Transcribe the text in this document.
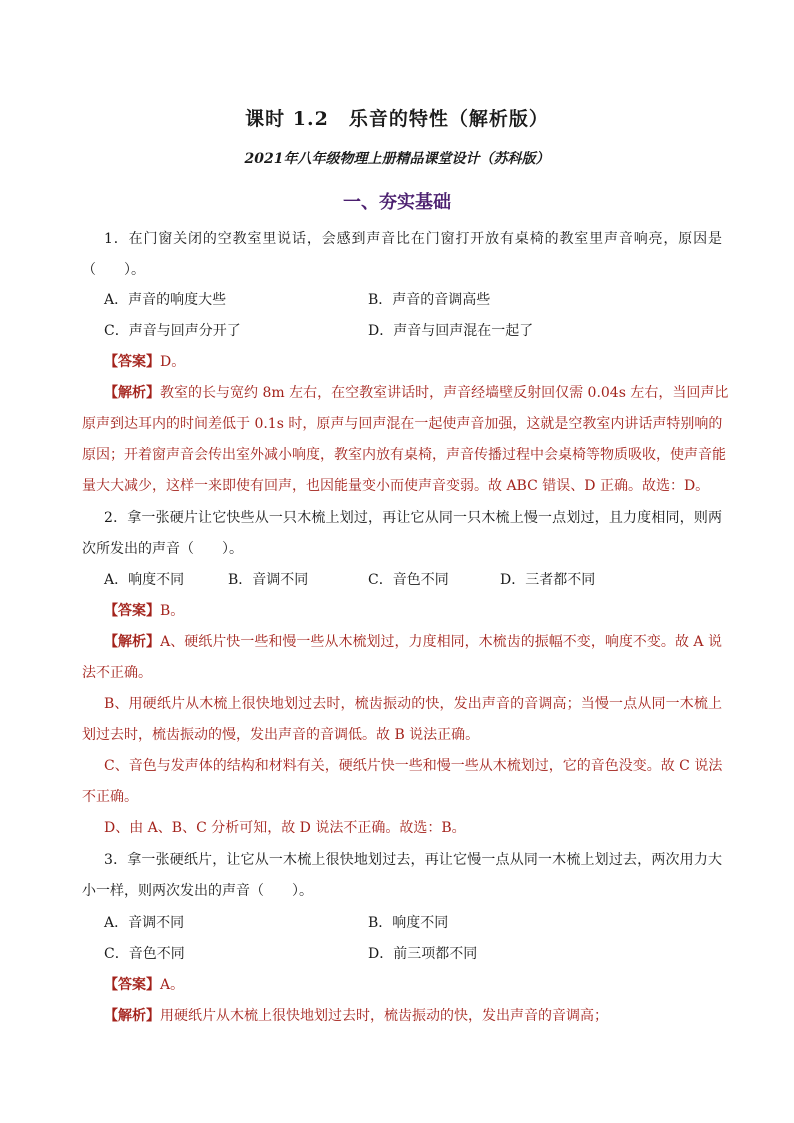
课时 1.2　乐音的特性（解析版）
2021年八年级物理上册精品课堂设计（苏科版）
一、夯实基础
1．在门窗关闭的空教室里说话，会感到声音比在门窗打开放有桌椅的教室里声音响亮，原因是
（　　）。
A．声音的响度大些	B．声音的音调高些
C．声音与回声分开了	D．声音与回声混在一起了
【答案】D。
【解析】教室的长与宽约 8m 左右，在空教室讲话时，声音经墙壁反射回仅需 0.04s 左右，当回声比
原声到达耳内的时间差低于 0.1s 时，原声与回声混在一起使声音加强，这就是空教室内讲话声特别响的
原因；开着窗声音会传出室外减小响度，教室内放有桌椅，声音传播过程中会桌椅等物质吸收，使声音能
量大大减少，这样一来即使有回声，也因能量变小而使声音变弱。故 ABC 错误、D 正确。故选：D。
2．拿一张硬片让它快些从一只木梳上划过，再让它从同一只木梳上慢一点划过，且力度相同，则两
次所发出的声音（　　）。
A．响度不同	B．音调不同	C．音色不同	D．三者都不同
【答案】B。
【解析】A、硬纸片快一些和慢一些从木梳划过，力度相同，木梳齿的振幅不变，响度不变。故 A 说
法不正确。
B、用硬纸片从木梳上很快地划过去时，梳齿振动的快，发出声音的音调高；当慢一点从同一木梳上
划过去时，梳齿振动的慢，发出声音的音调低。故 B 说法正确。
C、音色与发声体的结构和材料有关，硬纸片快一些和慢一些从木梳划过，它的音色没变。故 C 说法
不正确。
D、由 A、B、C 分析可知，故 D 说法不正确。故选：B。
3．拿一张硬纸片，让它从一木梳上很快地划过去，再让它慢一点从同一木梳上划过去，两次用力大
小一样，则两次发出的声音（　　）。
A．音调不同	B．响度不同
C．音色不同	D．前三项都不同
【答案】A。
【解析】用硬纸片从木梳上很快地划过去时，梳齿振动的快，发出声音的音调高；
